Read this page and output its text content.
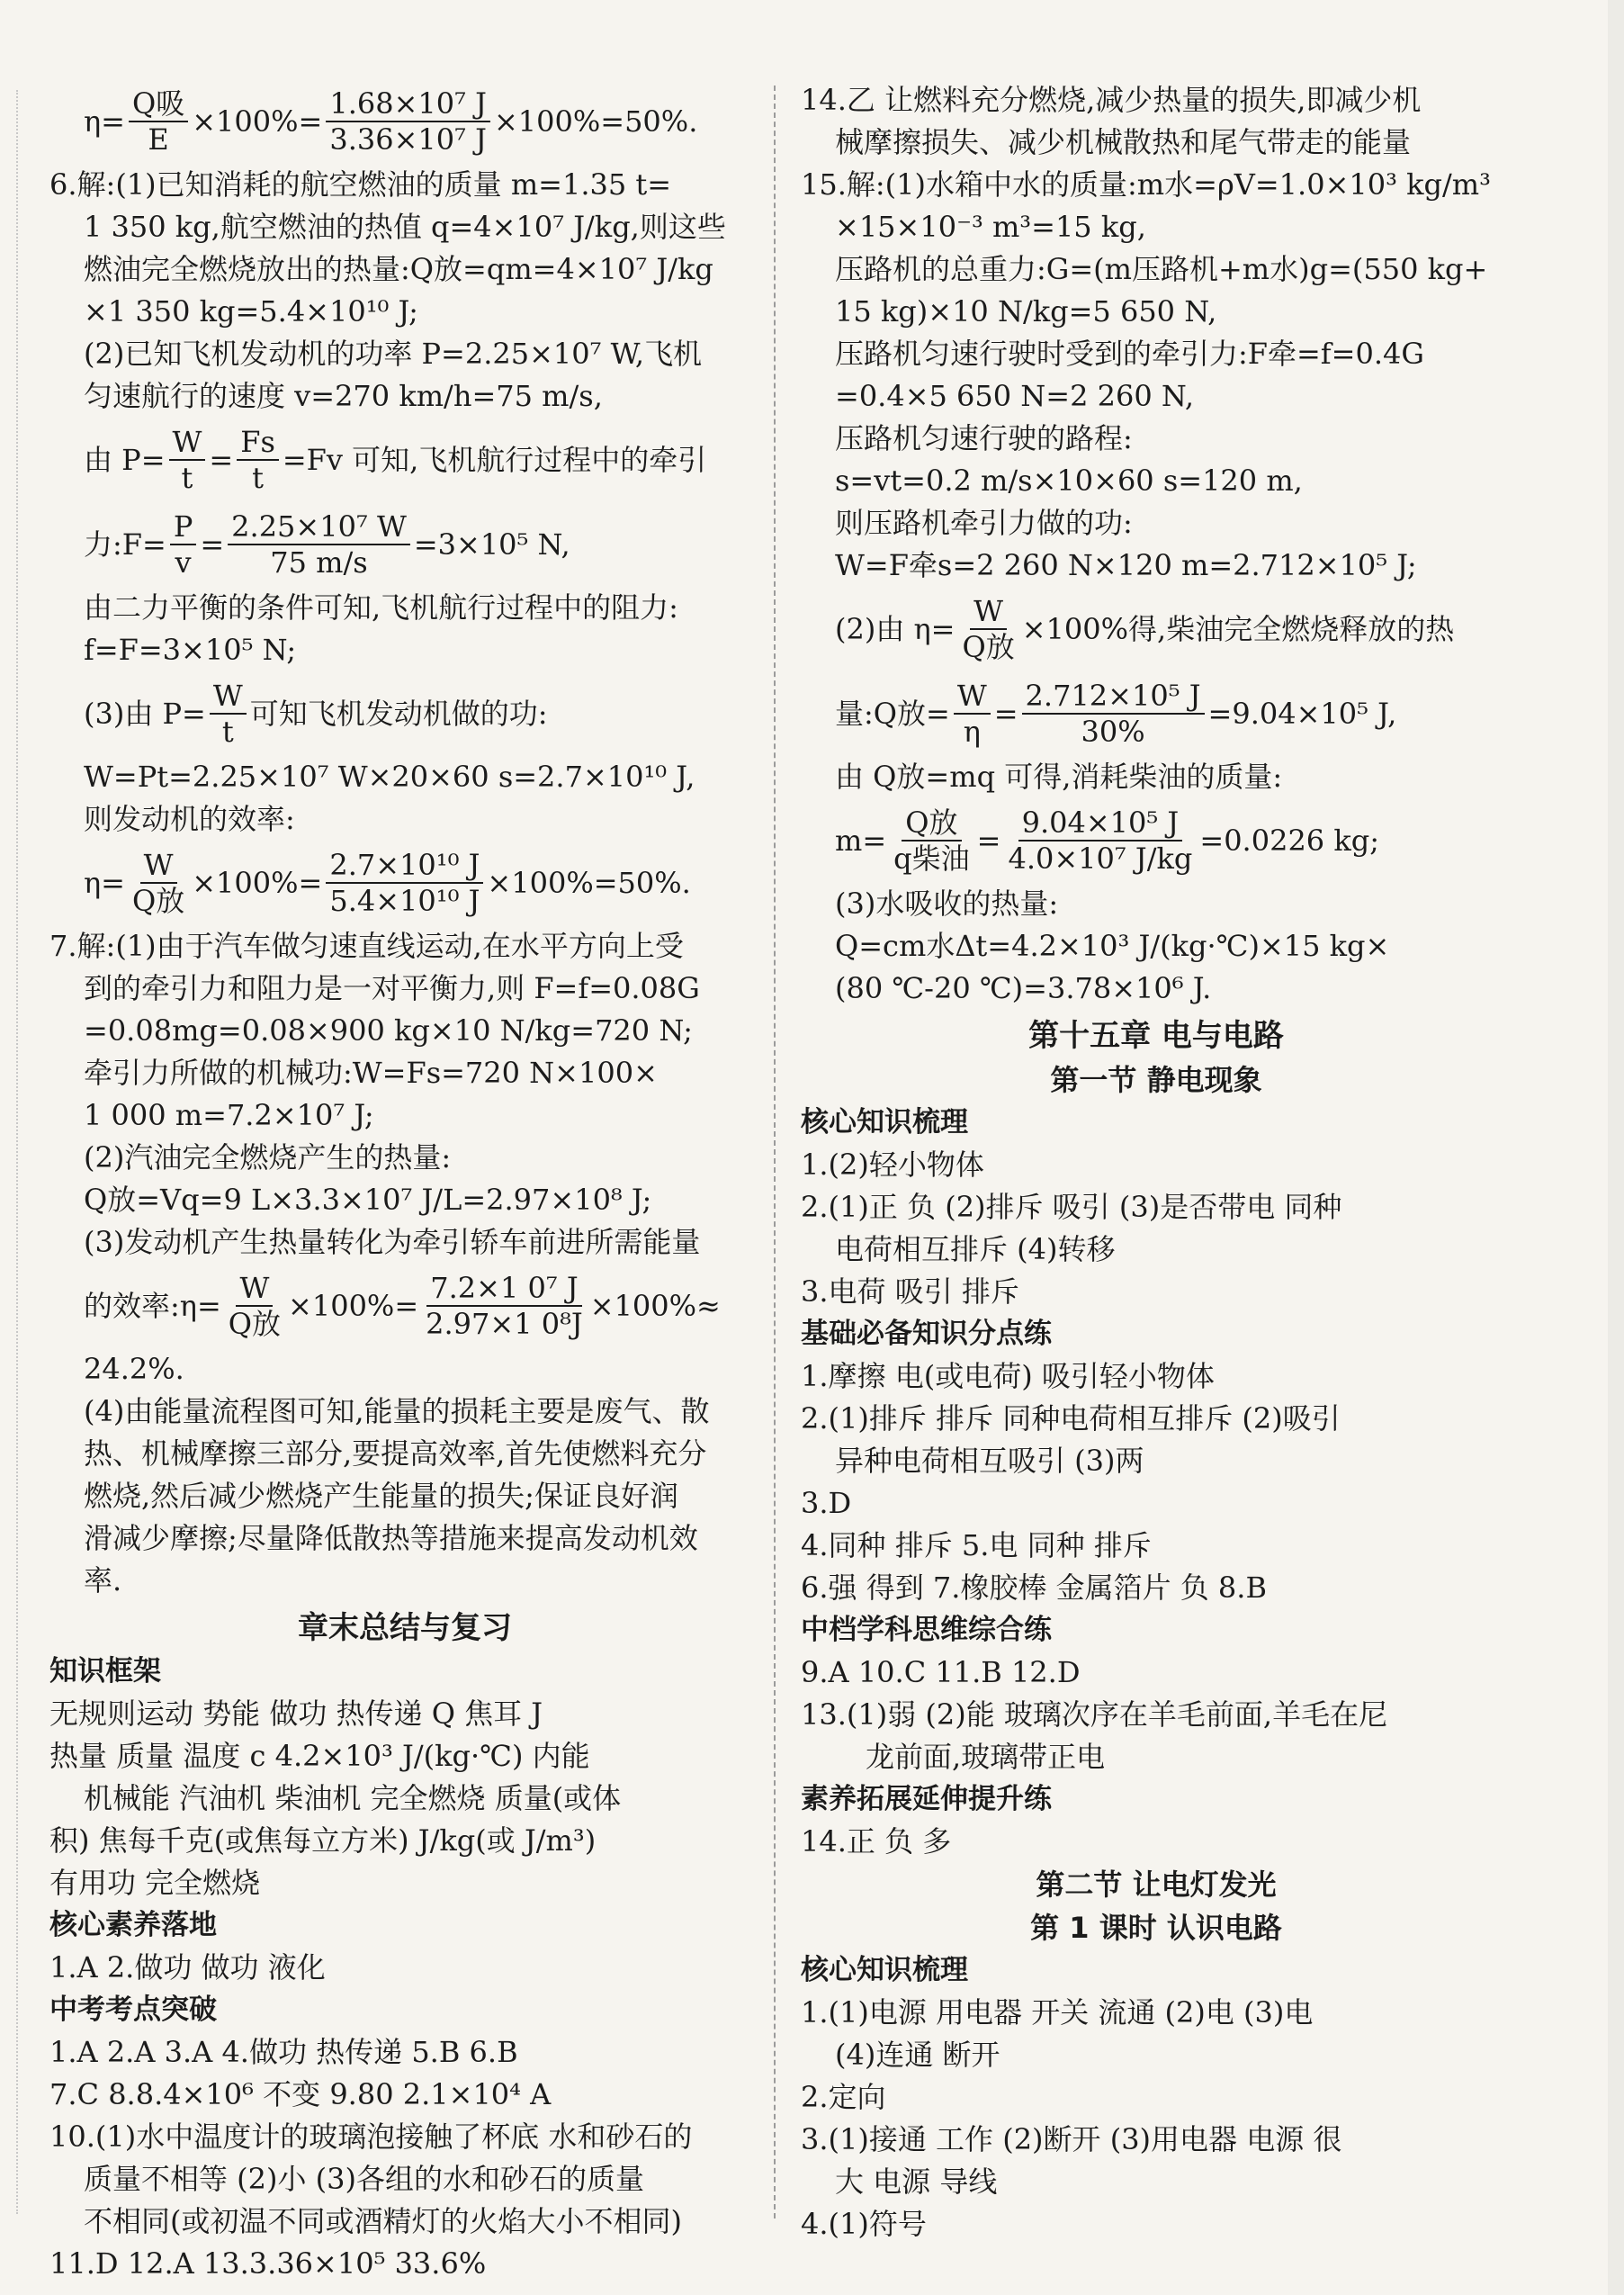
$\eta= \frac{\text{Q吸}}{E} \times 100\%= \frac{\text{1.68×10⁷ J}}{\text{3.36×10⁷ J}} \times 100\%=50\%$.
6.解:(1)已知消耗的航空燃油的质量 m=1.35 t=
1 350 kg,航空燃油的热值 q=4×10⁷ J/kg,则这些
燃油完全燃烧放出的热量:Q放=qm=4×10⁷ J/kg
×1 350 kg=5.4×10¹⁰ J;
(2)已知飞机发动机的功率 P=2.25×10⁷ W,飞机
匀速航行的速度 v=270 km/h=75 m/s,
由 $P= \frac{W}{t} = \frac{Fs}{t} =Fv$ 可知,飞机航行过程中的牵引
力:F= $\frac{P}{v} = \frac{\text{2.25×10⁷ W}}{75 m/s} =3\times 10^5$ N,
由二力平衡的条件可知,飞机航行过程中的阻力:
f=F=3×10⁵ N;
(3)由 $P= \frac{W}{t}$ 可知飞机发动机做的功:
W=Pt=2.25×10⁷ W×20×60 s=2.7×10¹⁰ J,
则发动机的效率:
$\eta= \frac{W}{\text{Q放}} \times 100\%= \frac{\text{2.7×10¹⁰ J}}{\text{5.4×10¹⁰ J}} \times 100\%=50\%$.
7.解:(1)由于汽车做匀速直线运动,在水平方向上受
到的牵引力和阻力是一对平衡力,则 F=f=0.08G
=0.08mg=0.08×900 kg×10 N/kg=720 N;
牵引力所做的机械功:W=Fs=720 N×100×
1 000 m=7.2×10⁷ J;
(2)汽油完全燃烧产生的热量:
Q放=Vq=9 L×3.3×10⁷ J/L=2.97×10⁸ J;
(3)发动机产生热量转化为牵引轿车前进所需能量
的效率:η= $\frac{W}{\text{Q放}} \times 100\%= \frac{\text{7.2×1 0⁷ J}}{\text{2.97×1 0⁸J}} \times 100\%\approx$
24.2%.
(4)由能量流程图可知,能量的损耗主要是废气、散
热、机械摩擦三部分,要提高效率,首先使燃料充分
燃烧,然后减少燃烧产生能量的损失;保证良好润
滑减少摩擦;尽量降低散热等措施来提高发动机效
率.
章末总结与复习
知识框架
无规则运动 势能 做功 热传递 Q 焦耳 J
热量 质量 温度 c 4.2×10³ J/(kg·℃) 内能
机械能 汽油机 柴油机 完全燃烧 质量(或体
积) 焦每千克(或焦每立方米) J/kg(或 J/m³)
有用功 完全燃烧
核心素养落地
1.A 2.做功 做功 液化
中考考点突破
1.A 2.A 3.A 4.做功 热传递 5.B 6.B
7.C 8.8.4×10⁶ 不变 9.80 2.1×10⁴ A
10.(1)水中温度计的玻璃泡接触了杯底 水和砂石的
质量不相等 (2)小 (3)各组的水和砂石的质量
不相同(或初温不同或酒精灯的火焰大小不相同)
11.D 12.A 13.3.36×10⁵ 33.6%
14.乙 让燃料充分燃烧,减少热量的损失,即减少机
械摩擦损失、减少机械散热和尾气带走的能量
15.解:(1)水箱中水的质量:m水=ρV=1.0×10³ kg/m³
×15×10⁻³ m³=15 kg,
压路机的总重力:G=(m压路机+m水)g=(550 kg+
15 kg)×10 N/kg=5 650 N,
压路机匀速行驶时受到的牵引力:F牵=f=0.4G
=0.4×5 650 N=2 260 N,
压路机匀速行驶的路程:
s=vt=0.2 m/s×10×60 s=120 m,
则压路机牵引力做的功:
W=F牵s=2 260 N×120 m=2.712×10⁵ J;
(2)由 $\eta= \frac{W}{\text{Q放}} \times 100\%$得,柴油完全燃烧释放的热
量:Q放= $\frac{W}{\eta} = \frac{\text{2.712×10⁵ J}}{30\%} =9.04\times 10^5$ J,
由 Q放=mq 可得,消耗柴油的质量:
$m= \frac{\text{Q放}}{\text{q柴油}} = \frac{\text{9.04×10⁵ J}}{\text{4.0×10⁷ J/kg}} =0.0226$ kg;
(3)水吸收的热量:
Q=cm水Δt=4.2×10³ J/(kg·℃)×15 kg×
(80 ℃-20 ℃)=3.78×10⁶ J.
第十五章 电与电路
第一节 静电现象
核心知识梳理
1.(2)轻小物体
2.(1)正 负 (2)排斥 吸引 (3)是否带电 同种
电荷相互排斥 (4)转移
3.电荷 吸引 排斥
基础必备知识分点练
1.摩擦 电(或电荷) 吸引轻小物体
2.(1)排斥 排斥 同种电荷相互排斥 (2)吸引
异种电荷相互吸引 (3)两
3.D
4.同种 排斥 5.电 同种 排斥
6.强 得到 7.橡胶棒 金属箔片 负 8.B
中档学科思维综合练
9.A 10.C 11.B 12.D
13.(1)弱 (2)能 玻璃次序在羊毛前面,羊毛在尼
龙前面,玻璃带正电
素养拓展延伸提升练
14.正 负 多
第二节 让电灯发光
第 1 课时 认识电路
核心知识梳理
1.(1)电源 用电器 开关 流通 (2)电 (3)电
(4)连通 断开
2.定向
3.(1)接通 工作 (2)断开 (3)用电器 电源 很
大 电源 导线
4.(1)符号
